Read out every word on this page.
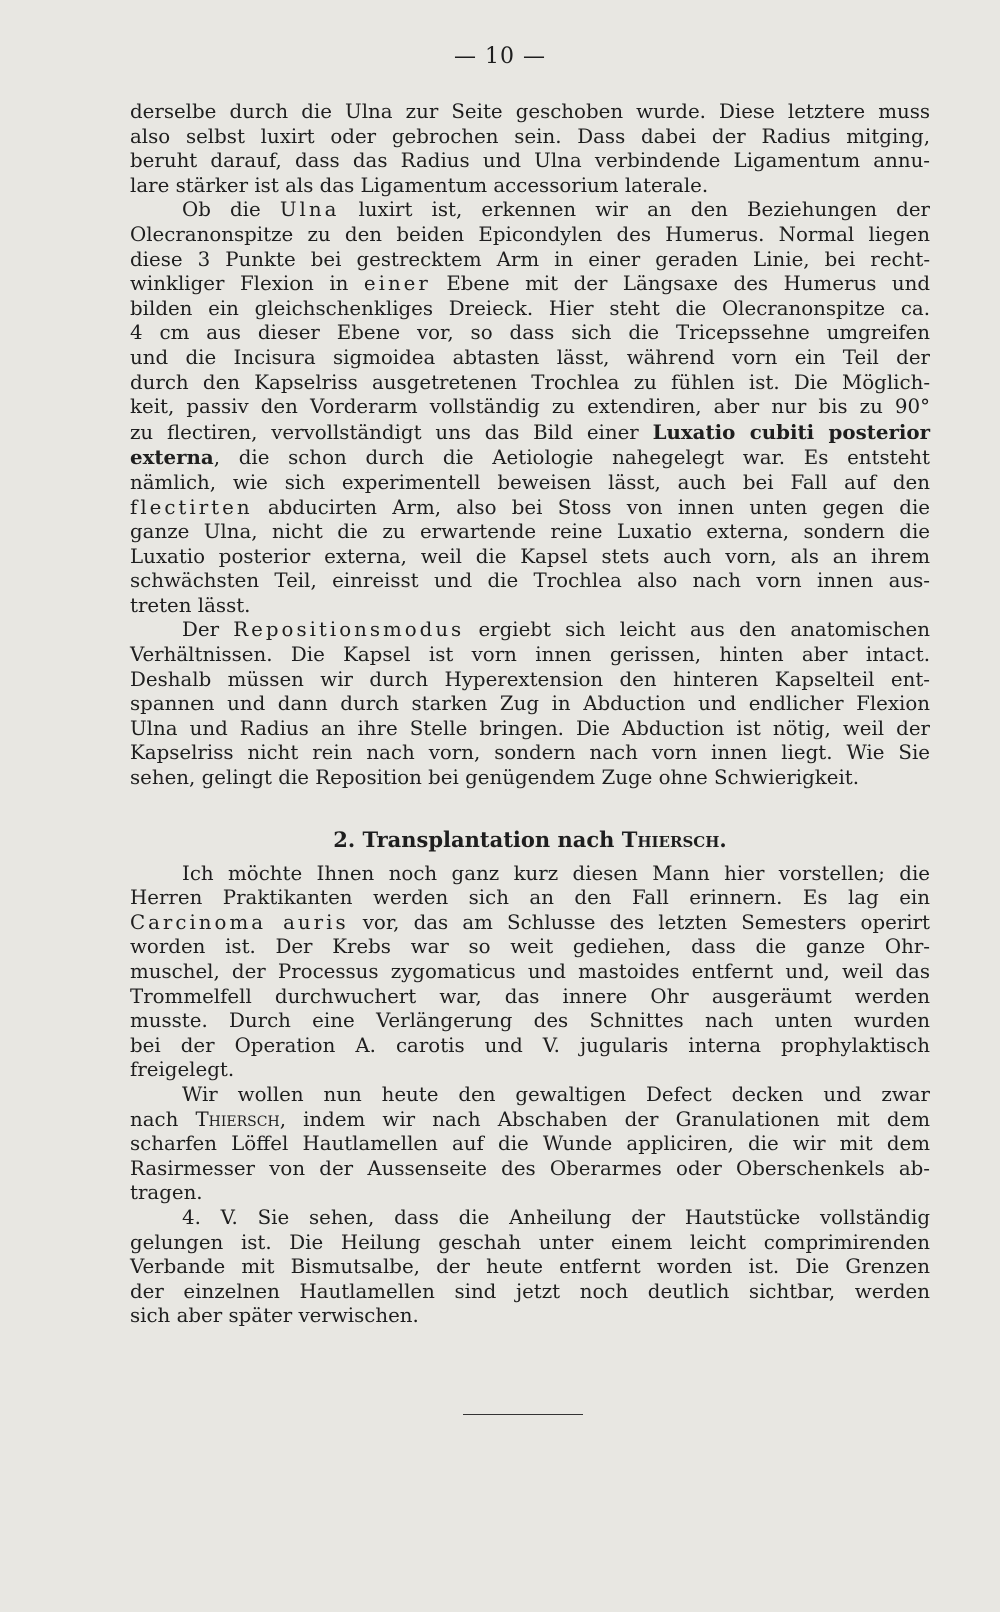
— 10 —

derselbe durch die Ulna zur Seite geschoben wurde. Diese letztere muss
also selbst luxirt oder gebrochen sein. Dass dabei der Radius mitging,
beruht darauf, dass das Radius und Ulna verbindende Ligamentum annu-
lare stärker ist als das Ligamentum accessorium laterale.

Ob die Ulna luxirt ist, erkennen wir an den Beziehungen der
Olecranonspitze zu den beiden Epicondylen des Humerus. Normal liegen
diese 3 Punkte bei gestrecktem Arm in einer geraden Linie, bei recht-
winkliger Flexion in einer Ebene mit der Längsaxe des Humerus und
bilden ein gleichschenkliges Dreieck. Hier steht die Olecranonspitze ca.
4 cm aus dieser Ebene vor, so dass sich die Tricepssehne umgreifen
und die Incisura sigmoidea abtasten lässt, während vorn ein Teil der
durch den Kapselriss ausgetretenen Trochlea zu fühlen ist. Die Möglich-
keit, passiv den Vorderarm vollständig zu extendiren, aber nur bis zu 90°
zu flectiren, vervollständigt uns das Bild einer Luxatio cubiti posterior
externa, die schon durch die Aetiologie nahegelegt war. Es entsteht
nämlich, wie sich experimentell beweisen lässt, auch bei Fall auf den
flectirten abducirten Arm, also bei Stoss von innen unten gegen die
ganze Ulna, nicht die zu erwartende reine Luxatio externa, sondern die
Luxatio posterior externa, weil die Kapsel stets auch vorn, als an ihrem
schwächsten Teil, einreisst und die Trochlea also nach vorn innen aus-
treten lässt.

Der Repositionsmodus ergiebt sich leicht aus den anatomischen
Verhältnissen. Die Kapsel ist vorn innen gerissen, hinten aber intact.
Deshalb müssen wir durch Hyperextension den hinteren Kapselteil ent-
spannen und dann durch starken Zug in Abduction und endlicher Flexion
Ulna und Radius an ihre Stelle bringen. Die Abduction ist nötig, weil der
Kapselriss nicht rein nach vorn, sondern nach vorn innen liegt. Wie Sie
sehen, gelingt die Reposition bei genügendem Zuge ohne Schwierigkeit.

2. Transplantation nach Thiersch.

Ich möchte Ihnen noch ganz kurz diesen Mann hier vorstellen; die
Herren Praktikanten werden sich an den Fall erinnern. Es lag ein
Carcinoma auris vor, das am Schlusse des letzten Semesters operirt
worden ist. Der Krebs war so weit gediehen, dass die ganze Ohr-
muschel, der Processus zygomaticus und mastoides entfernt und, weil das
Trommelfell durchwuchert war, das innere Ohr ausgeräumt werden
musste. Durch eine Verlängerung des Schnittes nach unten wurden
bei der Operation A. carotis und V. jugularis interna prophylaktisch
freigelegt.

Wir wollen nun heute den gewaltigen Defect decken und zwar
nach Thiersch, indem wir nach Abschaben der Granulationen mit dem
scharfen Löffel Hautlamellen auf die Wunde appliciren, die wir mit dem
Rasirmesser von der Aussenseite des Oberarmes oder Oberschenkels ab-
tragen.

4. V. Sie sehen, dass die Anheilung der Hautstücke vollständig
gelungen ist. Die Heilung geschah unter einem leicht comprimirenden
Verbande mit Bismutsalbe, der heute entfernt worden ist. Die Grenzen
der einzelnen Hautlamellen sind jetzt noch deutlich sichtbar, werden
sich aber später verwischen.
